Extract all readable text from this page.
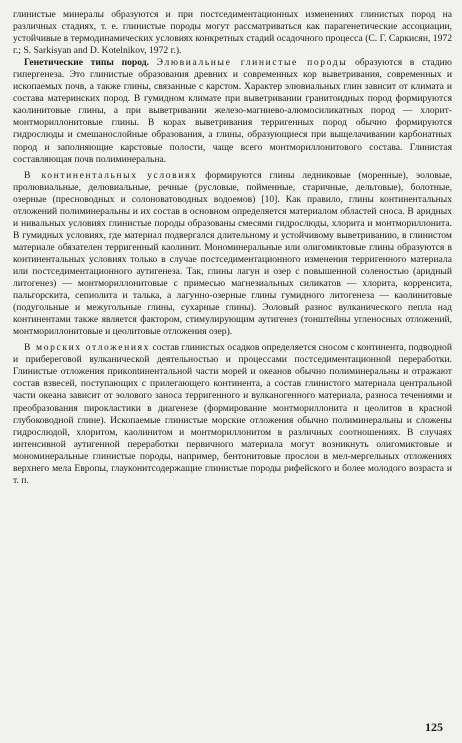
глинистые минералы образуются и при постседиментационных изменениях глинистых пород на различных стадиях, т. е. глинистые породы могут рассматриваться как парагенетические ассоциации, устойчивые в термодинамических условиях конкретных стадий осадочного процесса (С. Г. Саркисян, 1972 г.; S. Sarkisyan and D. Kotelnikov, 1972 г.).

Генетические типы пород. Элювиальные глинистые породы образуются в стадию гипергенеза. Это глинистые образования древних и современных кор выветривания, современных и ископаемых почв, а также глины, связанные с карстом. Характер элювиальных глин зависит от климата и состава материнских пород. В гумидном климате при выветривании гранитоидных пород формируются каолинитовые глины, а при выветривании железо-магниево-алюмосиликатных пород — хлорит-монтмориллонитовые глины. В корах выветривания терригенных пород обычно формируются гидрослюды и смешанослойные образования, а глины, образующиеся при выщелачивании карбонатных пород и заполняющие карстовые полости, чаще всего монтмориллонитового состава. Глинистая составляющая почв полиминеральна.

В континентальных условиях формируются глины ледниковые (моренные), эоловые, пролювиальные, делювиальные, речные (русловые, пойменные, старичные, дельтовые), болотные, озерные (пресноводных и солоноватоводных водоемов) [10]. Как правило, глины континентальных отложений полиминеральны и их состав в основном определяется материалом областей сноса. В аридных и нивальных условиях глинистые породы образованы смесями гидрослюды, хлорита и монтмориллонита. В гумидных условиях, где материал подвергался длительному и устойчивому выветриванию, в глинистом материале обязателен терригенный каолинит. Мономинеральные или олигомиктовые глины образуются в континентальных условиях только в случае постседиментационного изменения терригенного материала или постседиментационного аутигенеза. Так, глины лагун и озер с повышенной соленостью (аридный литогенез) — монтмориллонитовые с примесью магнезиальных силикатов — хлорита, корренсита, пальгорскита, сепиолита и талька, а лагунно-озерные глины гумидного литогенеза — каолинитовые (подугольные и межугольные глины, сухарные глины). Эоловый разнос вулканического пепла над континентами также является фактором, стимулирующим аутигенез (тонштейны угленосных отложений, монтмориллонитовые и цеолитовые отложения озер).

В морских отложениях состав глинистых осадков определяется сносом с континента, подводной и прибереговой вулканической деятельностью и процессами постседиментационной переработки. Глинистые отложения прикontинентальной части морей и океанов обычно полиминеральны и отражают состав взвесей, поступающих с прилегающего континента, а состав глинистого материала центральной части океана зависит от эолового заноса терригенного и вулканогенного материала, разноса течениями и преобразования пирокластики в диагенезе (формирование монтмориллонита и цеолитов в красной глубоководной глине). Ископаемые глинистые морские отложения обычно полиминеральны и сложены гидрослюдой, хлоритом, каолинитом и монтмориллонитом в различных соотношениях. В случаях интенсивной аутигенной переработки первичного материала могут возникнуть олигомиктовые и мономинеральные глинистые породы, например, бентонитовые прослои в мел-мергельных отложениях верхнего мела Европы, глауконитсодержащие глинистые породы рифейского и более молодого возраста и т. п.

125
